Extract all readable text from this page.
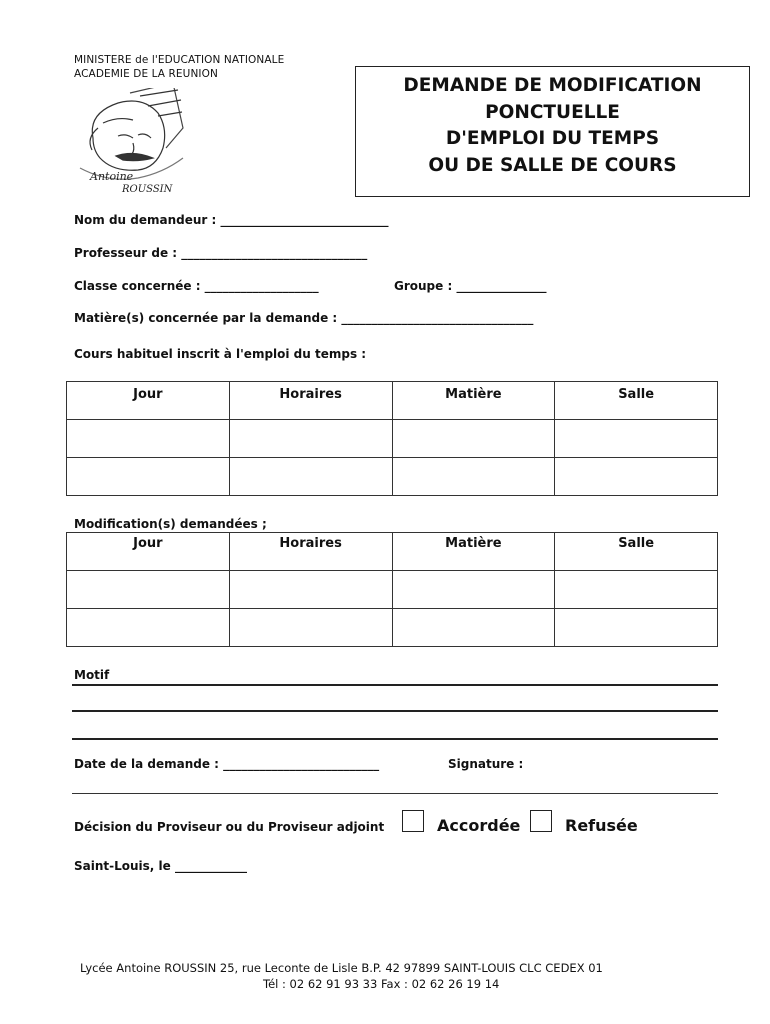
MINISTERE de l'EDUCATION NATIONALE
ACADEMIE DE LA REUNION
Antoine
ROUSSIN
DEMANDE DE MODIFICATION
PONCTUELLE
D'EMPLOI DU TEMPS
OU DE SALLE DE COURS
Nom du demandeur : ____________________________
Professeur de : _______________________________
Classe concernée : ___________________	Groupe : _______________
Matière(s) concernée par la demande : ________________________________
Cours habituel inscrit à l'emploi du temps :
Jour	Horaires	Matière	Salle

Modification(s) demandées ;
Jour	Horaires	Matière	Salle

Motif
Date de la demande : __________________________	Signature :
Décision du Proviseur ou du Proviseur adjoint	Accordée	Refusée
Saint-Louis, le ____________
Lycée Antoine ROUSSIN 25, rue Leconte de Lisle B.P. 42 97899 SAINT-LOUIS CLC CEDEX 01
Tél : 02 62 91 93 33 Fax : 02 62 26 19 14
